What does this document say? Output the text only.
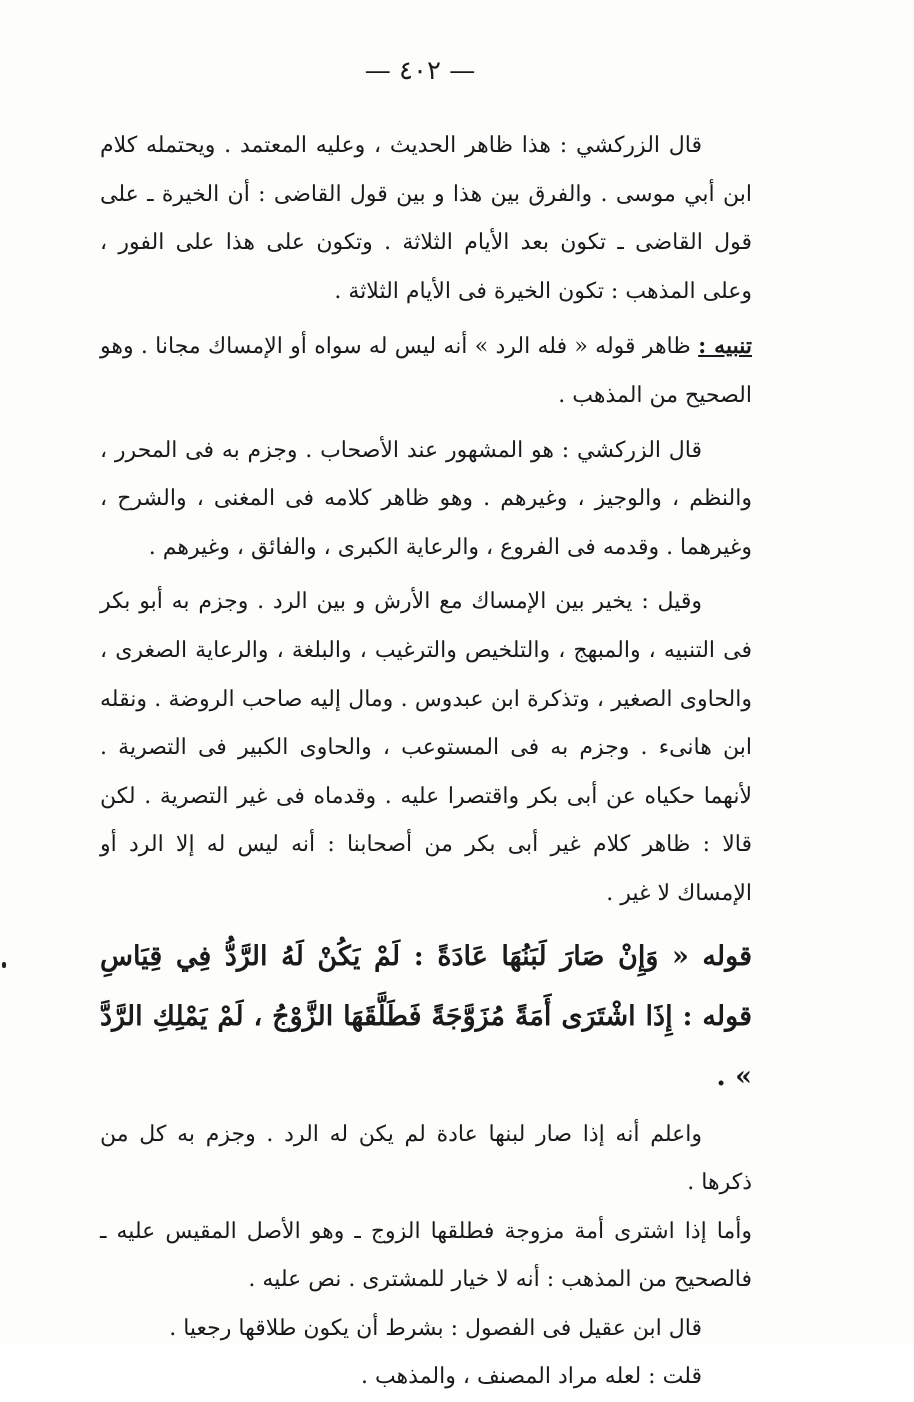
— ٤٠٢ —

قال الزركشي : هذا ظاهر الحديث ، وعليه المعتمد . ويحتمله كلام ابن أبي موسى . والفرق بين هذا و بين قول القاضى : أن الخيرة ـ على قول القاضى ـ تكون بعد الأيام الثلاثة . وتكون على هذا على الفور ، وعلى المذهب : تكون الخيرة فى الأيام الثلاثة .

تنبيه : ظاهر قوله « فله الرد » أنه ليس له سواه أو الإمساك مجانا . وهو الصحيح من المذهب .

قال الزركشي : هو المشهور عند الأصحاب . وجزم به فى المحرر ، والنظم ، والوجيز ، وغيرهم . وهو ظاهر كلامه فى المغنى ، والشرح ، وغيرهما . وقدمه فى الفروع ، والرعاية الكبرى ، والفائق ، وغيرهم .

وقيل : يخير بين الإمساك مع الأرش و بين الرد . وجزم به أبو بكر فى التنبيه ، والمبهج ، والتلخيص والترغيب ، والبلغة ، والرعاية الصغرى ، والحاوى الصغير ، وتذكرة ابن عبدوس . ومال إليه صاحب الروضة . ونقله ابن هانىء . وجزم به فى المستوعب ، والحاوى الكبير فى التصرية . لأنهما حكياه عن أبى بكر واقتصرا عليه . وقدماه فى غير التصرية . لكن قالا : ظاهر كلام غير أبى بكر من أصحابنا : أنه ليس له إلا الرد أو الإمساك لا غير .

قوله « وَإِنْ صَارَ لَبَنُهَا عَادَةً : لَمْ يَكُنْ لَهُ الرَّدُّ فِي قِيَاسِ قوله : إِذَا اشْتَرَى أَمَةً مُزَوَّجَةً فَطَلَّقَهَا الزَّوْجُ ، لَمْ يَمْلِكِ الرَّدَّ » .

واعلم أنه إذا صار لبنها عادة لم يكن له الرد . وجزم به كل من ذكرها .

وأما إذا اشترى أمة مزوجة فطلقها الزوج ـ وهو الأصل المقيس عليه ـ فالصحيح من المذهب : أنه لا خيار للمشترى . نص عليه .

قال ابن عقيل فى الفصول : بشرط أن يكون طلاقها رجعيا .

قلت : لعله مراد المصنف ، والمذهب .
